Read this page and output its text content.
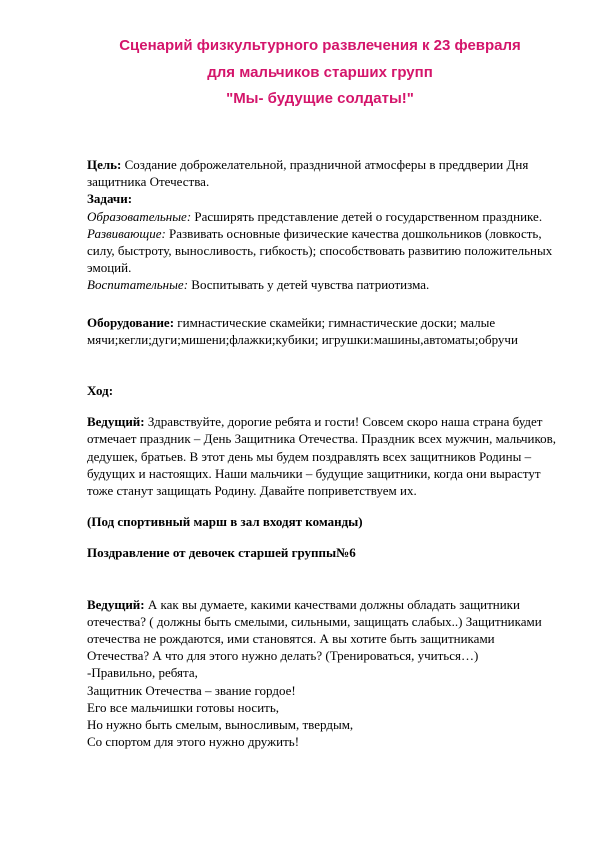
Сценарий физкультурного развлечения к 23 февраля
для мальчиков старших групп
"Мы- будущие солдаты!"

Цель: Создание доброжелательной, праздничной атмосферы в преддверии Дня защитника Отечества.

Задачи:

Образовательные: Расширять представление детей о государственном празднике.

Развивающие: Развивать основные физические качества дошкольников (ловкость, силу, быстроту, выносливость, гибкость); способствовать развитию положительных эмоций.

Воспитательные: Воспитывать у детей чувства патриотизма.

Оборудование: гимнастические скамейки; гимнастические доски; малые мячи;кегли;дуги;мишени;флажки;кубики; игрушки:машины,автоматы;обручи

Ход:

Ведущий: Здравствуйте, дорогие ребята и гости! Совсем скоро наша страна будет отмечает праздник – День Защитника Отечества. Праздник всех мужчин, мальчиков, дедушек, братьев. В этот день мы будем поздравлять всех защитников Родины – будущих и настоящих. Наши мальчики – будущие защитники, когда они вырастут тоже станут защищать Родину. Давайте поприветствуем их.

(Под спортивный марш в зал входят команды)

Поздравление от девочек старшей группы№6

Ведущий: А как вы думаете, какими качествами должны обладать защитники отечества? ( должны быть смелыми, сильными, защищать слабых..) Защитниками отечества не рождаются, ими становятся. А вы хотите быть защитниками Отечества? А что для этого нужно делать? (Тренироваться, учиться…)

-Правильно, ребята,

Защитник Отечества – звание гордое!

Его все мальчишки готовы носить,

Но нужно быть смелым, выносливым, твердым,

Со спортом для этого нужно дружить!
